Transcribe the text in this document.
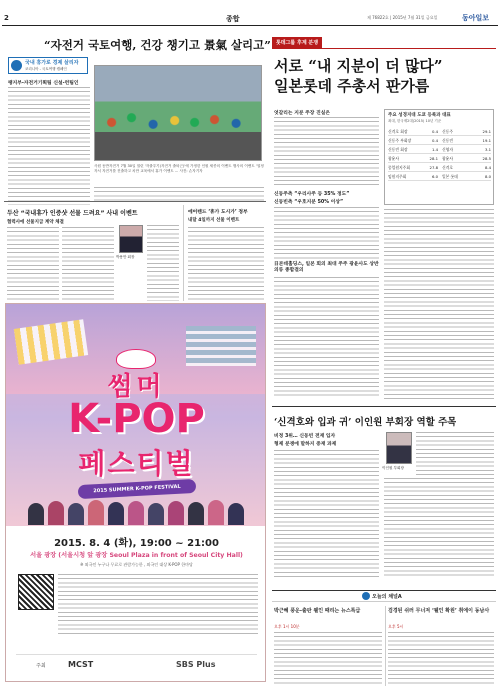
2	종합	제 76822호 | 2015년 7월 31일 금요일	동아일보
“자전거 국토여행, 건강 챙기고 景氣 살리고”
국내 휴가로 경제 살리자
코리니아 - 국토여행 캠페인
팽지부-자전거기획팀 신설-런팀인
사원 동반자전거 7월 30일 열린 '자출우기(자전거 출퇴근)'에 가정한 인원 세종의 이벤트 행사의 이벤트 '열정 자서 자전거를 진출하고 차만 교육에서 휴가 이벤트 ... 사진: 손자기자
두산 “국내휴가 인증샷 선물 드려요” 사내 이벤트
협력사에 선물지급 계약 체결
박용만 회장
에어텐드 ‘휴가 도시가’ 정부
내달 4일까지 선물 이벤트
썸머
K-POP
페스티벌
2015 SUMMER K-POP FESTIVAL
2015. 8. 4 (화), 19:00 ~ 21:00
서울 광장 (서울시청 앞 광장 Seoul Plaza in front of Seoul City Hall)
※ 외국인 누구나 무료로 관람가능한 , 외국인 대상 K-POP 한마당
주최	MCST	SBS Plus
롯데그룹 후계 분쟁
서로 “내 지분이 더 많다”
일본롯데 주총서 판가름
엇갈리는 지분 주장 진실은
신동주측 “우리사주 등 35% 정도”
신동빈측 “우호지분 50% 이상”
日본데홀딩스, 일본 회의 최대 주주 광윤사도 상반 의류 종합결의
주요 성경지대 도쿄 등록과 대표
최대, 한국제2대(2015) 10년 기준
신격호 회장	0.4	신동주	29.1
신동주 부회장	0.4	신동빈	19.1
신동빈 회장	1.4	신영자	3.1
광윤사	28.1	광윤사	28.5
종업원지주회	27.8	신격호	8.4
임원지주회	6.0	일본 롯데	8.0
‘신격호와 입과 귀’ 이인원 부회장 역할 주목
비정 3위… 신동빈 전재 입자
형제 분쟁에 말하지 중재 과제
이인원 부회장
오늘의 채널A
박근혜 풍운-출판 웰인 때리는 뉴스특급
오후 1시 10분
검경된 쉬러 무너져 ‘웰인 확원’ 취에이 동남사
오후 5시
